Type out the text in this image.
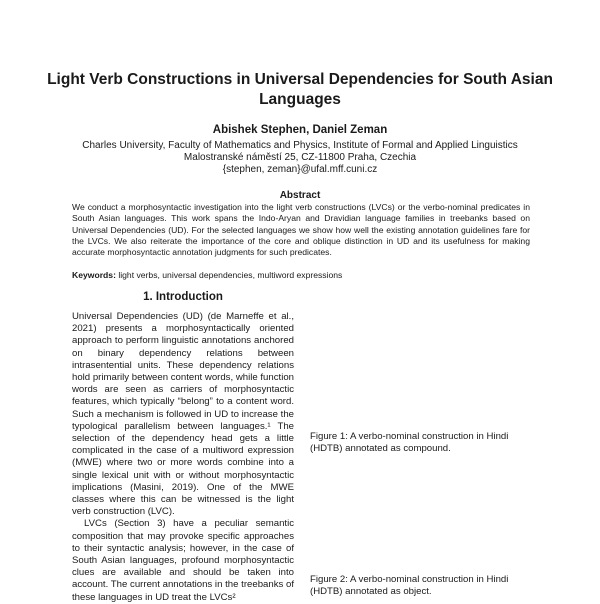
Light Verb Constructions in Universal Dependencies for South Asian Languages
Abishek Stephen, Daniel Zeman
Charles University, Faculty of Mathematics and Physics, Institute of Formal and Applied Linguistics
Malostranské náměstí 25, CZ-11800 Praha, Czechia
{stephen, zeman}@ufal.mff.cuni.cz
Abstract
We conduct a morphosyntactic investigation into the light verb constructions (LVCs) or the verbo-nominal predicates in South Asian languages. This work spans the Indo-Aryan and Dravidian language families in treebanks based on Universal Dependencies (UD). For the selected languages we show how well the existing annotation guidelines fare for the LVCs. We also reiterate the importance of the core and oblique distinction in UD and its usefulness for making accurate morphosyntactic annotation judgments for such predicates.
Keywords: light verbs, universal dependencies, multiword expressions
1. Introduction

Universal Dependencies (UD) (de Marneffe et al., 2021) presents a morphosyntactically oriented approach to perform linguistic annotations anchored on binary dependency relations between intrasentential units. These dependency relations hold primarily between content words, while function words are seen as carriers of morphosyntactic features, which typically “belong” to a content word. Such a mechanism is followed in UD to increase the typological parallelism between languages.¹ The selection of the dependency head gets a little complicated in the case of a multiword expression (MWE) where two or more words combine into a single lexical unit with or without morphosyntactic implications (Masini, 2019). One of the MWE classes where this can be witnessed is the light verb construction (LVC).

LVCs (Section 3) have a peculiar semantic composition that may provoke specific approaches to their syntactic analysis; however, in the case of South Asian languages, profound morphosyntactic clues are available and should be taken into account. The current annotations in the treebanks of these languages in UD treat the LVCs²

Figure 1: A verbo-nominal construction in Hindi (HDTB) annotated as compound.
Figure 2: A verbo-nominal construction in Hindi (HDTB) annotated as object.
